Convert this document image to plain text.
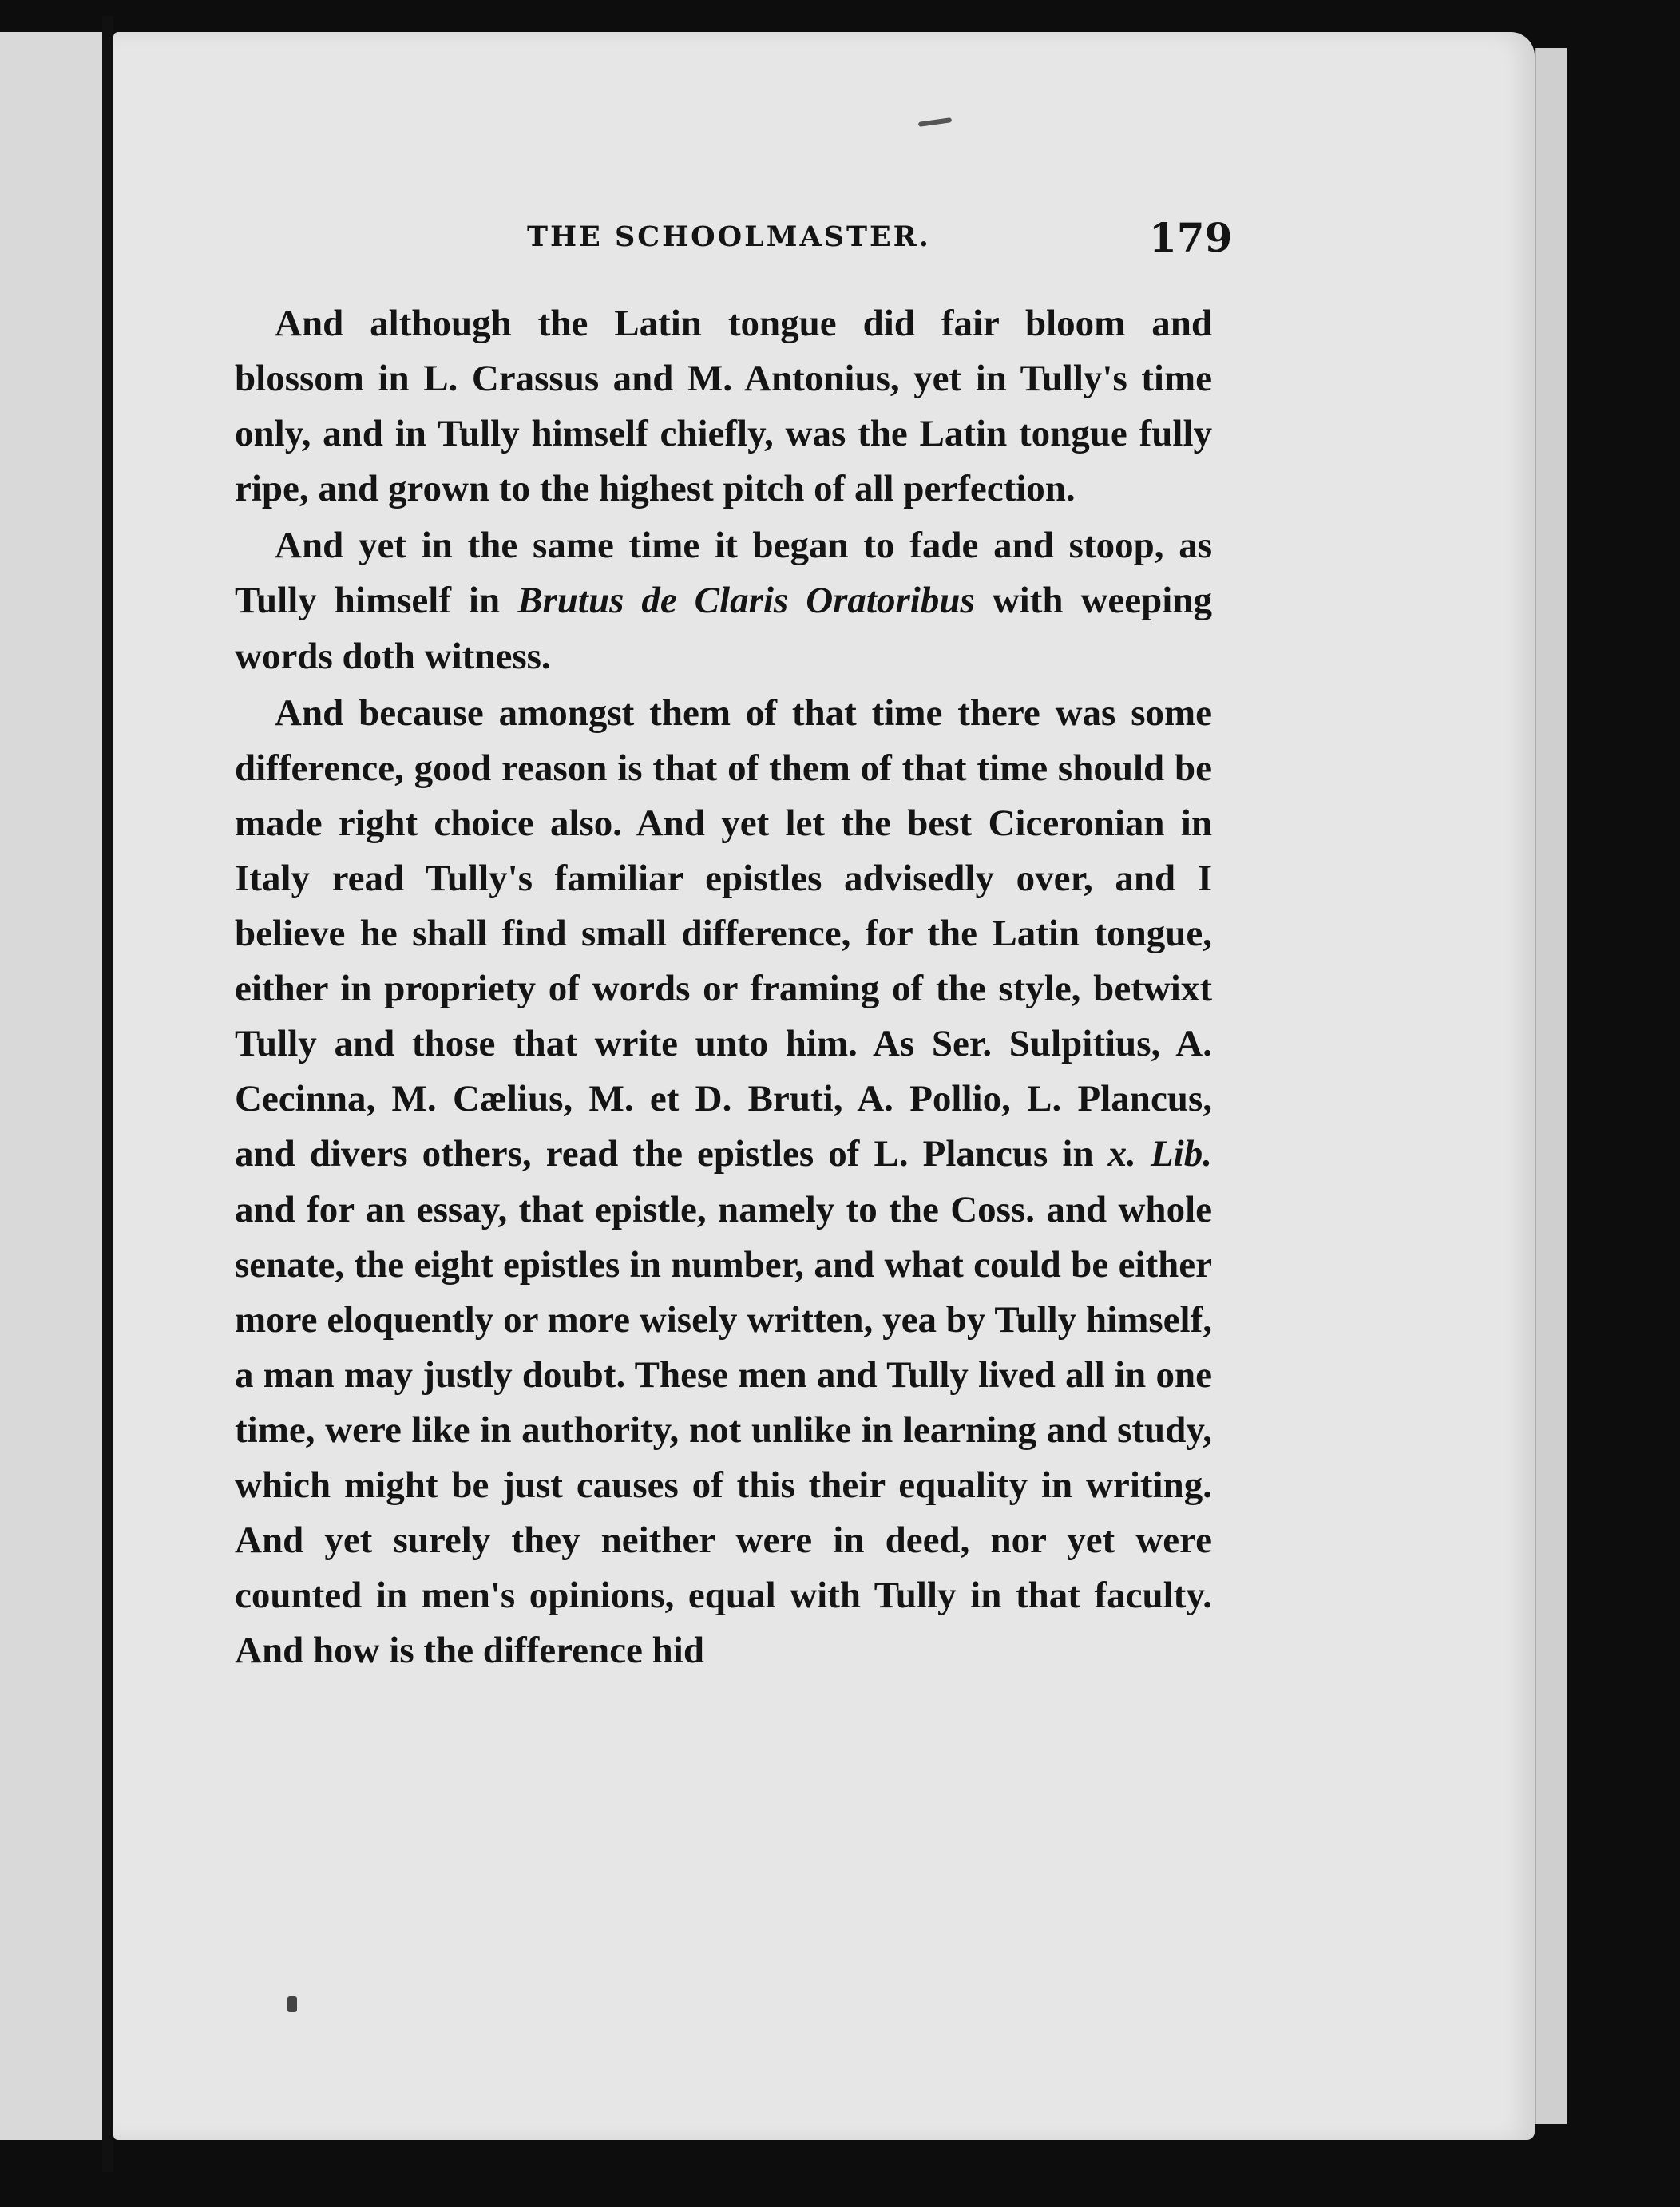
THE SCHOOLMASTER.	179

And although the Latin tongue did fair bloom and blossom in L. Crassus and M. Antonius, yet in Tully's time only, and in Tully himself chiefly, was the Latin tongue fully ripe, and grown to the highest pitch of all perfection.

And yet in the same time it began to fade and stoop, as Tully himself in Brutus de Claris Oratoribus with weeping words doth witness.

And because amongst them of that time there was some difference, good reason is that of them of that time should be made right choice also. And yet let the best Ciceronian in Italy read Tully's familiar epistles advisedly over, and I believe he shall find small difference, for the Latin tongue, either in propriety of words or framing of the style, betwixt Tully and those that write unto him. As Ser. Sulpitius, A. Cecinna, M. Cælius, M. et D. Bruti, A. Pollio, L. Plancus, and divers others, read the epistles of L. Plancus in x. Lib. and for an essay, that epistle, namely to the Coss. and whole senate, the eight epistles in number, and what could be either more eloquently or more wisely written, yea by Tully himself, a man may justly doubt. These men and Tully lived all in one time, were like in authority, not unlike in learning and study, which might be just causes of this their equality in writing. And yet surely they neither were in deed, nor yet were counted in men's opinions, equal with Tully in that faculty. And how is the difference hid
